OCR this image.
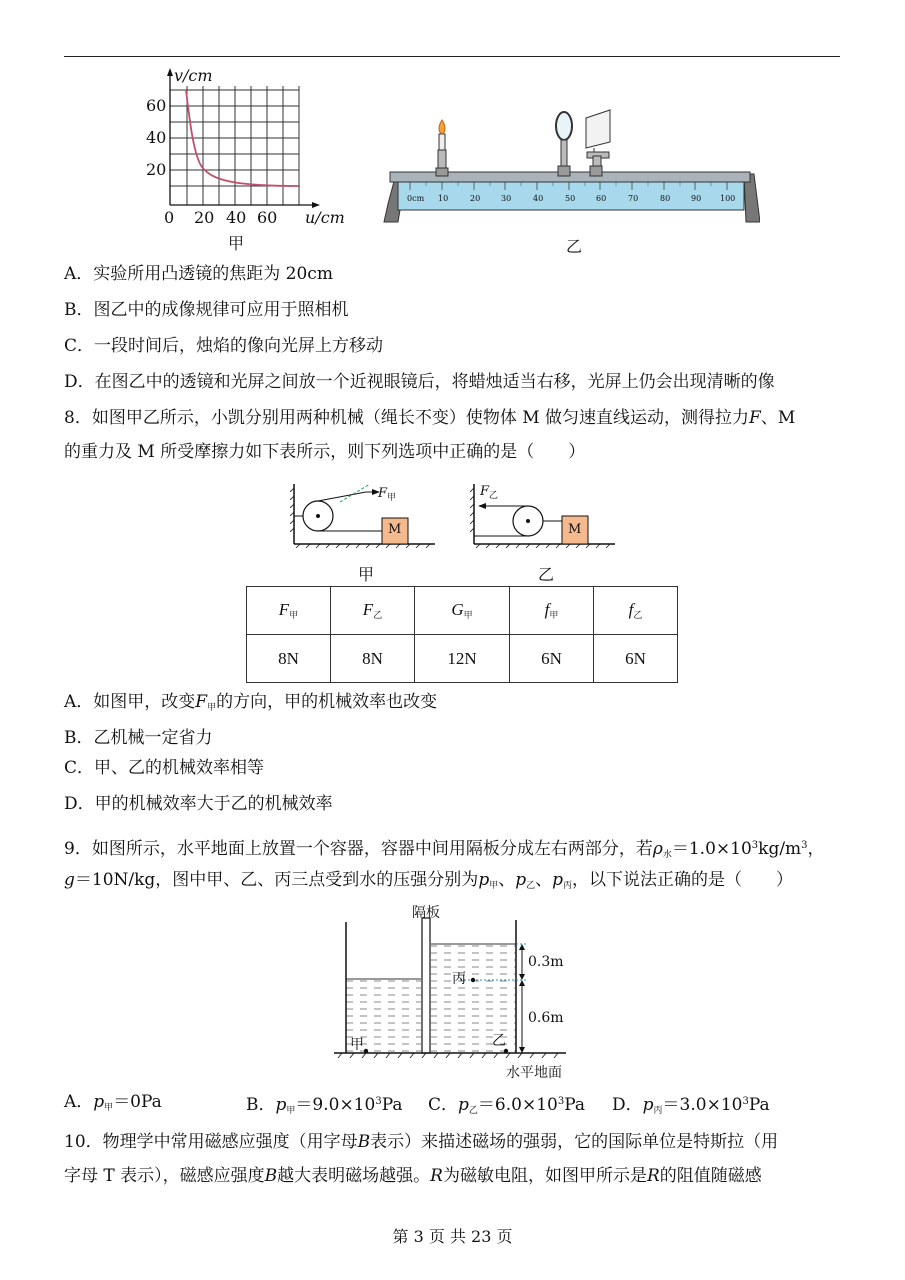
v/cm
60
40
20
0 20 40 60 u/cm
甲
0cm 10	20	30	40	50	60	70	80	90 100
乙
A．实验所用凸透镜的焦距为 20cm
B．图乙中的成像规律可应用于照相机
C．一段时间后，烛焰的像向光屏上方移动
D．在图乙中的透镜和光屏之间放一个近视眼镜后，将蜡烛适当右移，光屏上仍会出现清晰的像
8．如图甲乙所示，小凯分别用两种机械（绳长不变）使物体 M 做匀速直线运动，测得拉力F、M
的重力及 M 所受摩擦力如下表所示，则下列选项中正确的是（　　）
$F_甲$
M
甲
$F_乙$
M
乙
$F_甲$	$F_乙$	$G_甲$	$f_甲$	$f_乙$
8N	8N	12N	6N	6N
A．如图甲，改变$F_甲$的方向，甲的机械效率也改变
B．乙机械一定省力
C．甲、乙的机械效率相等
D．甲的机械效率大于乙的机械效率
9．如图所示，水平地面上放置一个容器，容器中间用隔板分成左右两部分，若$\rho_水=1.0\times 10^3kg/m^3$，
g＝10N/kg，图中甲、乙、丙三点受到水的压强分别为$p_甲$、$p_乙$、$p_丙$，以下说法正确的是（　　）
隔板
0.3m
0.6m
丙
甲	乙
水平地面
A．$p_甲=0Pa$	B．$p_甲=9.0\times 10^3Pa$ C．$p_乙=6.0\times 10^3Pa$ D．$p_丙=3.0\times 10^3Pa$
10．物理学中常用磁感应强度（用字母B表示）来描述磁场的强弱，它的国际单位是特斯拉（用
字母 T 表示），磁感应强度B越大表明磁场越强。R为磁敏电阻，如图甲所示是R的阻值随磁感
第 3 页 共 23 页
